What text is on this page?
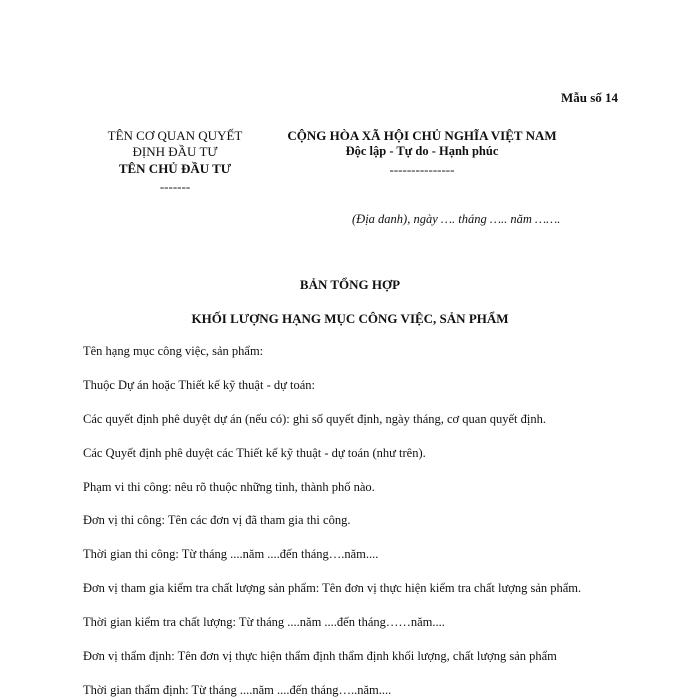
Mẫu số 14
TÊN CƠ QUAN QUYẾT
ĐỊNH ĐẦU TƯ
TÊN CHỦ ĐẦU TƯ
-------
CỘNG HÒA XÃ HỘI CHỦ NGHĨA VIỆT NAM
Độc lập - Tự do - Hạnh phúc
---------------
(Địa danh), ngày …. tháng ….. năm …….
BẢN TỔNG HỢP
KHỐI LƯỢNG HẠNG MỤC CÔNG VIỆC, SẢN PHẨM

Tên hạng mục công việc, sản phẩm:

Thuộc Dự án hoặc Thiết kế kỹ thuật - dự toán:

Các quyết định phê duyệt dự án (nếu có): ghi số quyết định, ngày tháng, cơ quan quyết định.

Các Quyết định phê duyệt các Thiết kế kỹ thuật - dự toán (như trên).

Phạm vi thi công: nêu rõ thuộc những tỉnh, thành phố nào.

Đơn vị thi công: Tên các đơn vị đã tham gia thi công.

Thời gian thi công: Từ tháng ....năm ....đến tháng….năm....

Đơn vị tham gia kiểm tra chất lượng sản phẩm: Tên đơn vị thực hiện kiểm tra chất lượng sản phẩm.

Thời gian kiểm tra chất lượng: Từ tháng ....năm ....đến tháng……năm....

Đơn vị thẩm định: Tên đơn vị thực hiện thẩm định thẩm định khối lượng, chất lượng sản phẩm

Thời gian thẩm định: Từ tháng ....năm ....đến tháng…..năm....
